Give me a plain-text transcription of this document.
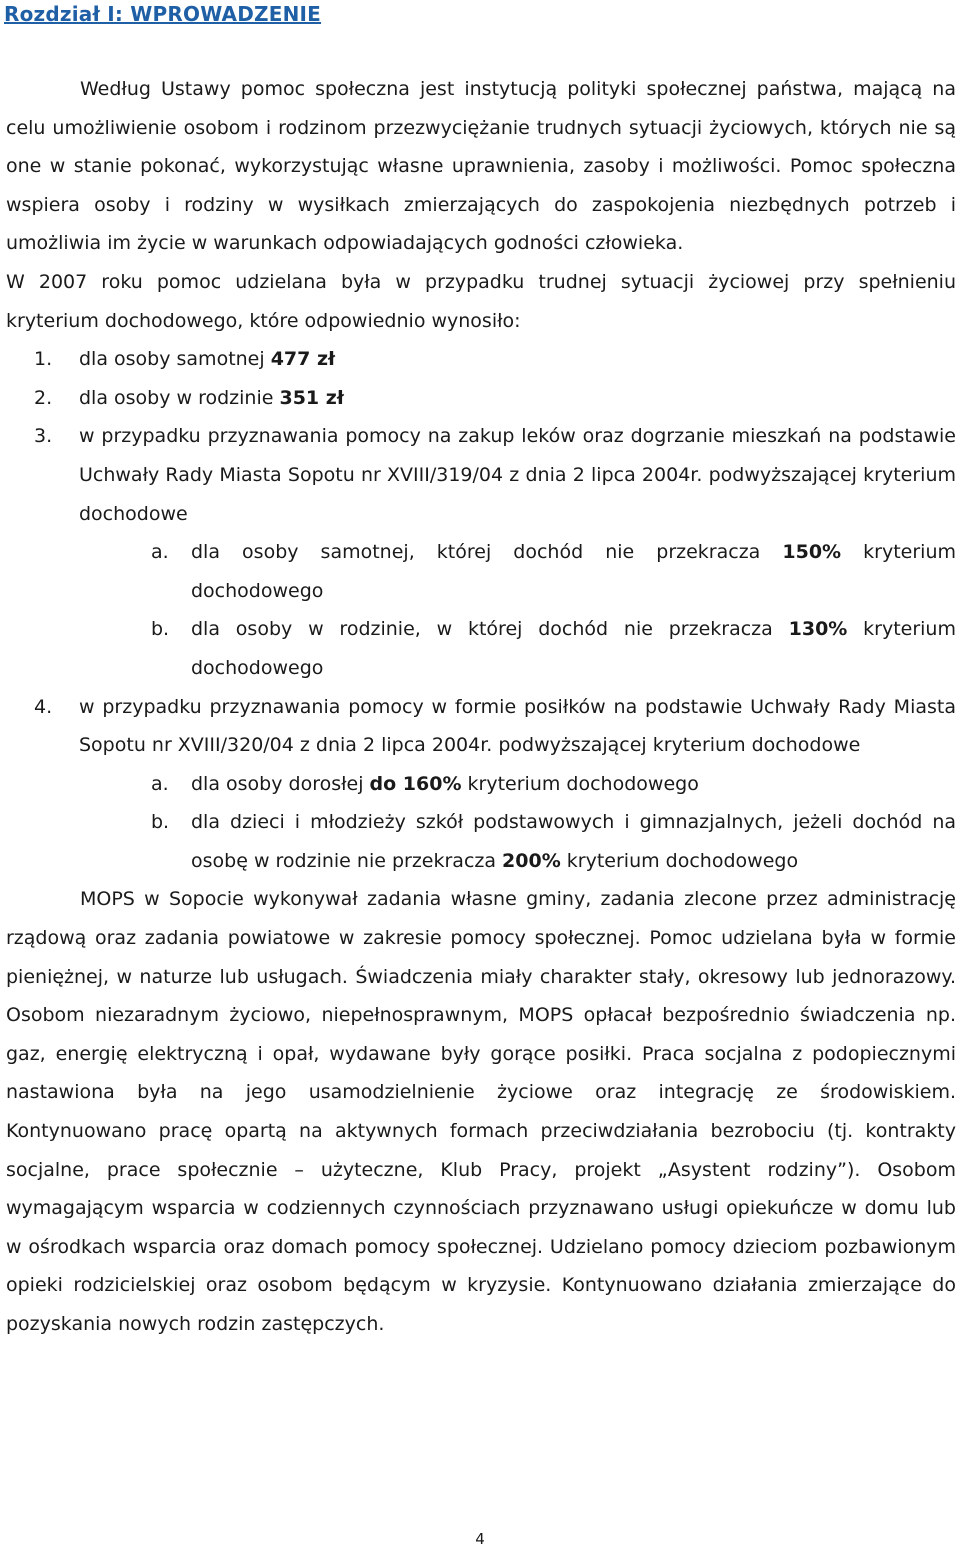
Rozdział I: WPROWADZENIE

Według Ustawy pomoc społeczna jest instytucją polityki społecznej państwa, mającą na celu umożliwienie osobom i rodzinom przezwyciężanie trudnych sytuacji życiowych, których nie są one w stanie pokonać, wykorzystując własne uprawnienia, zasoby i możliwości. Pomoc społeczna wspiera osoby i rodziny w wysiłkach zmierzających do zaspokojenia niezbędnych potrzeb i umożliwia im życie w warunkach odpowiadających godności człowieka.

W 2007 roku pomoc udzielana była w przypadku trudnej sytuacji życiowej przy spełnieniu kryterium dochodowego, które odpowiednio wynosiło:

1. dla osoby samotnej 477 zł
2. dla osoby w rodzinie 351 zł
3. w przypadku przyznawania pomocy na zakup leków oraz dogrzanie mieszkań na podstawie Uchwały Rady Miasta Sopotu nr XVIII/319/04 z dnia 2 lipca 2004r. podwyższającej kryterium dochodowe
a. dla osoby samotnej, której dochód nie przekracza 150% kryterium dochodowego
b. dla osoby w rodzinie, w której dochód nie przekracza 130% kryterium dochodowego
4. w przypadku przyznawania pomocy w formie posiłków na podstawie Uchwały Rady Miasta Sopotu nr XVIII/320/04 z dnia 2 lipca 2004r. podwyższającej kryterium dochodowe
a. dla osoby dorosłej do 160% kryterium dochodowego
b. dla dzieci i młodzieży szkół podstawowych i gimnazjalnych, jeżeli dochód na osobę w rodzinie nie przekracza 200% kryterium dochodowego

MOPS w Sopocie wykonywał zadania własne gminy, zadania zlecone przez administrację rządową oraz zadania powiatowe w zakresie pomocy społecznej. Pomoc udzielana była w formie pieniężnej, w naturze lub usługach. Świadczenia miały charakter stały, okresowy lub jednorazowy. Osobom niezaradnym życiowo, niepełnosprawnym, MOPS opłacał bezpośrednio świadczenia np. gaz, energię elektryczną i opał, wydawane były gorące posiłki. Praca socjalna z podopiecznymi nastawiona była na jego usamodzielnienie życiowe oraz integrację ze środowiskiem. Kontynuowano pracę opartą na aktywnych formach przeciwdziałania bezrobociu (tj. kontrakty socjalne, prace społecznie – użyteczne, Klub Pracy, projekt „Asystent rodziny”). Osobom wymagającym wsparcia w codziennych czynnościach przyznawano usługi opiekuńcze w domu lub w ośrodkach wsparcia oraz domach pomocy społecznej. Udzielano pomocy dzieciom pozbawionym opieki rodzicielskiej oraz osobom będącym w kryzysie. Kontynuowano działania zmierzające do pozyskania nowych rodzin zastępczych.

4
